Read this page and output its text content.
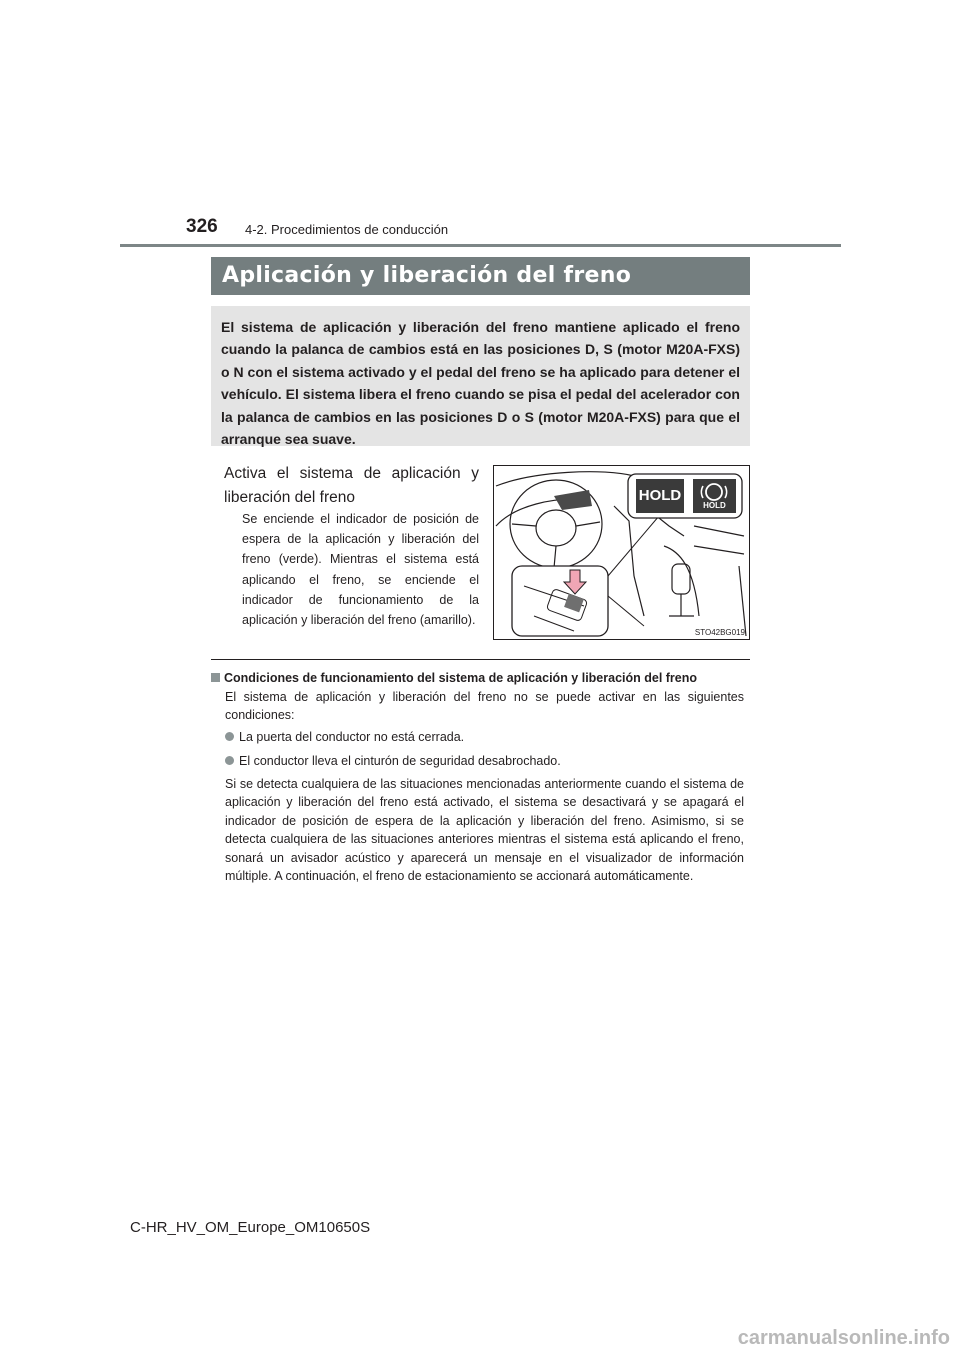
326 4-2. Procedimientos de conducción
Aplicación y liberación del freno
El sistema de aplicación y liberación del freno mantiene aplicado el freno cuando la palanca de cambios está en las posiciones D, S (motor M20A-FXS) o N con el sistema activado y el pedal del freno se ha aplicado para detener el vehículo. El sistema libera el freno cuando se pisa el pedal del acelerador con la palanca de cambios en las posiciones D o S (motor M20A-FXS) para que el arranque sea suave.
Activa el sistema de aplicación y liberación del freno
Se enciende el indicador de posición de espera de la aplicación y liberación del freno (verde). Mientras el sistema está aplicando el freno, se enciende el indicador de funcionamiento de la aplicación y liberación del freno (amarillo).
HOLD
HOLD
STO42BG019
Condiciones de funcionamiento del sistema de aplicación y liberación del freno
El sistema de aplicación y liberación del freno no se puede activar en las siguientes condiciones:
La puerta del conductor no está cerrada.
El conductor lleva el cinturón de seguridad desabrochado.
Si se detecta cualquiera de las situaciones mencionadas anteriormente cuando el sistema de aplicación y liberación del freno está activado, el sistema se desactivará y se apagará el indicador de posición de espera de la aplicación y liberación del freno. Asimismo, si se detecta cualquiera de las situaciones anteriores mientras el sistema está aplicando el freno, sonará un avisador acústico y aparecerá un mensaje en el visualizador de información múltiple. A continuación, el freno de estacionamiento se accionará automáticamente.
C-HR_HV_OM_Europe_OM10650S
carmanualsonline.info
